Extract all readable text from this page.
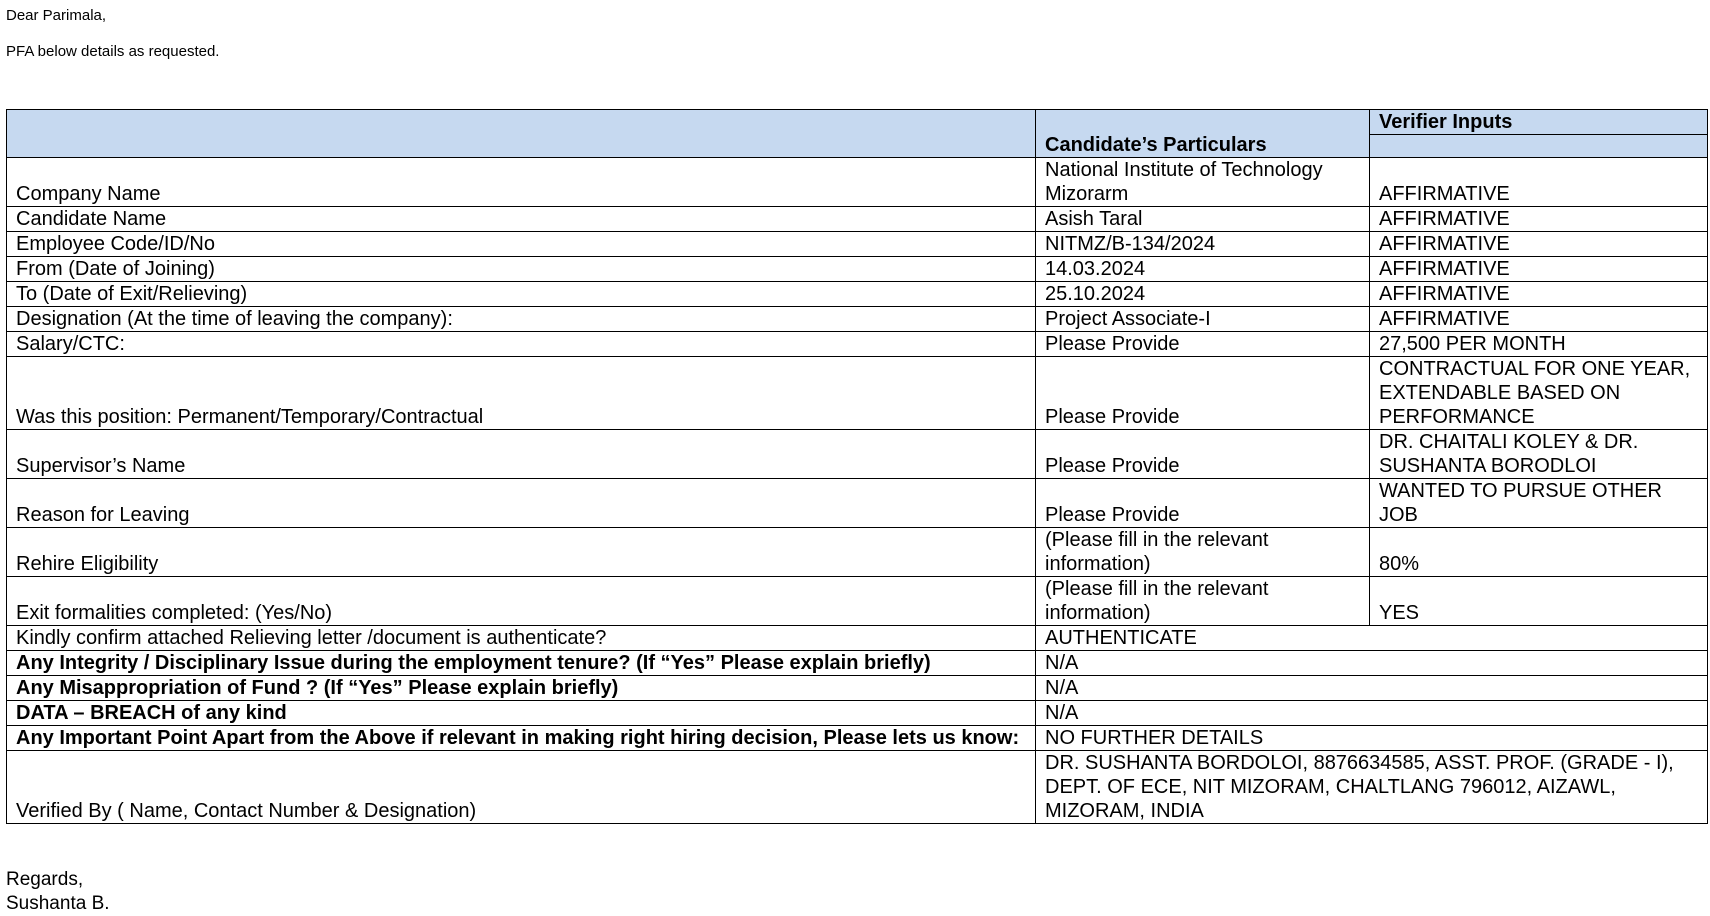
Dear Parimala,
PFA below details as requested.
	Candidate’s Particulars	Verifier Inputs

Company Name	National Institute of Technology Mizorarm	AFFIRMATIVE
Candidate Name	Asish Taral	AFFIRMATIVE
Employee Code/ID/No	NITMZ/B-134/2024	AFFIRMATIVE
From (Date of Joining)	14.03.2024	AFFIRMATIVE
To (Date of Exit/Relieving)	25.10.2024	AFFIRMATIVE
Designation (At the time of leaving the company):	Project Associate-I	AFFIRMATIVE
Salary/CTC:	Please Provide	27,500 PER MONTH
Was this position: Permanent/Temporary/Contractual	Please Provide	CONTRACTUAL FOR ONE YEAR, EXTENDABLE BASED ON PERFORMANCE
Supervisor’s Name	Please Provide	DR. CHAITALI KOLEY & DR. SUSHANTA BORODLOI
Reason for Leaving	Please Provide	WANTED TO PURSUE OTHER JOB
Rehire Eligibility	(Please fill in the relevant information)	80%
Exit formalities completed: (Yes/No)	(Please fill in the relevant information)	YES
Kindly confirm attached Relieving letter /document is authenticate?	AUTHENTICATE	
Any Integrity / Disciplinary Issue during the employment tenure? (If “Yes” Please explain briefly)	N/A	
Any Misappropriation of Fund ? (If “Yes” Please explain briefly)	N/A	
DATA – BREACH of any kind	N/A	
Any Important Point Apart from the Above if relevant in making right hiring decision, Please lets us know:	NO FURTHER DETAILS	
Verified By ( Name, Contact Number & Designation)	DR. SUSHANTA BORDOLOI, 8876634585, ASST. PROF. (GRADE - I), DEPT. OF ECE, NIT MIZORAM, CHALTLANG 796012, AIZAWL, MIZORAM, INDIA	
Regards,
Sushanta B.
